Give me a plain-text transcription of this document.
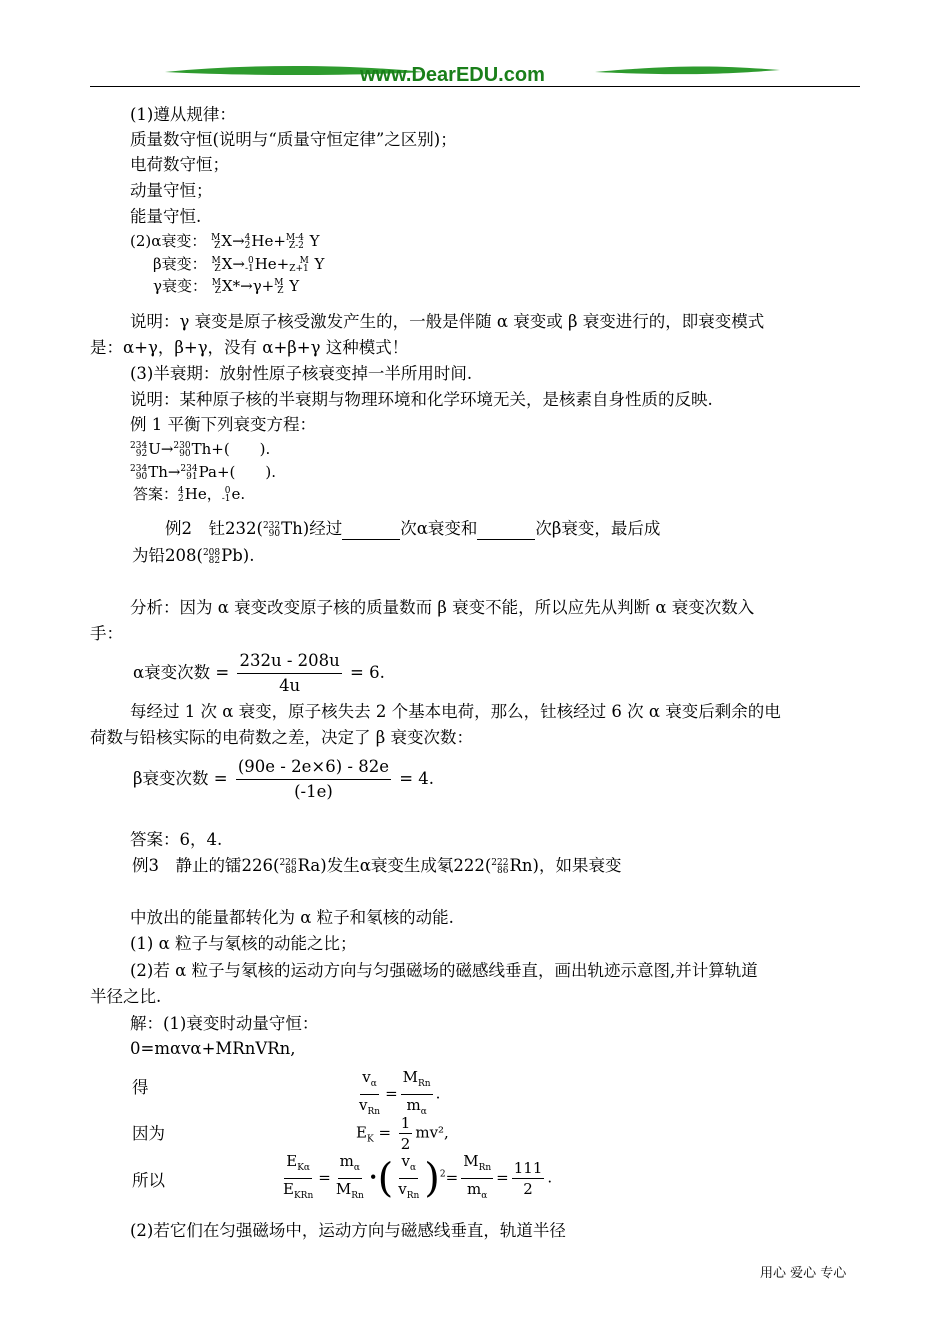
www.DearEDU.com
(1)遵从规律：
质量数守恒(说明与“质量守恒定律”之区别)；
电荷数守恒；
动量守恒；
能量守恒.
(2)α衰变： M
Z X→ 4
2 He+ M-4
Z-2 Y
β衰变： M
Z X→ 0
-1 He+	M
Z+1 Y
γ衰变： M
Z X*→γ+ M
Z Y
说明：γ 衰变是原子核受激发产生的，一般是伴随 α 衰变或 β 衰变进行的，即衰变模式
是：α+γ，β+γ，没有 α+β+γ 这种模式！
(3)半衰期：放射性原子核衰变掉一半所用时间.
说明：某种原子核的半衰期与物理环境和化学环境无关，是核素自身性质的反映.
例 1 平衡下列衰变方程：
234
92 U→ 230
90 Th+(　　).
234
90 Th→ 234
91 Pa+(　　).
答案： 4
2 He， 0
-1 e.
例2　钍232( 232
90 Th)经过	次α衰变和	次β衰变，最后成
为铅208( 208
82 Pb).
分析：因为 α 衰变改变原子核的质量数而 β 衰变不能，所以应先从判断 α 衰变次数入
手：
α衰变次数 = $\frac{232u - 208u}{4u} = 6$.
每经过 1 次 α 衰变，原子核失去 2 个基本电荷，那么，钍核经过 6 次 α 衰变后剩余的电
荷数与铅核实际的电荷数之差，决定了 β 衰变次数：
β衰变次数 = $\frac{(90e - 2e\times 6) - 82e}{(-1e)} = 4$.
答案：6，4.
例3　静止的镭226( 226
88 Ra)发生α衰变生成氡222( 222
86 Rn)，如果衰变
中放出的能量都转化为 α 粒子和氡核的动能.
(1) α 粒子与氡核的动能之比；
(2)若 α 粒子与氡核的运动方向与匀强磁场的磁感线垂直，画出轨迹示意图,并计算轨道
半径之比.
解：(1)衰变时动量守恒：
0=mαvα+MRnVRn,
得	$\frac{v_\alpha}{v_{Rn}} = \frac{M_{Rn}}{m_\alpha}$ .
因为	$E_K = \frac{1}{2} mv^2$,
所以	$\frac{E_{K\alpha}}{E_{KRn}} = \frac{m_\alpha}{M_{Rn}}$ •( $\frac{v_\alpha}{v_{Rn}} )^2= \frac{M_{Rn}}{m_\alpha} = \frac{111}{2}$ .
(2)若它们在匀强磁场中，运动方向与磁感线垂直，轨道半径
用心 爱心 专心
